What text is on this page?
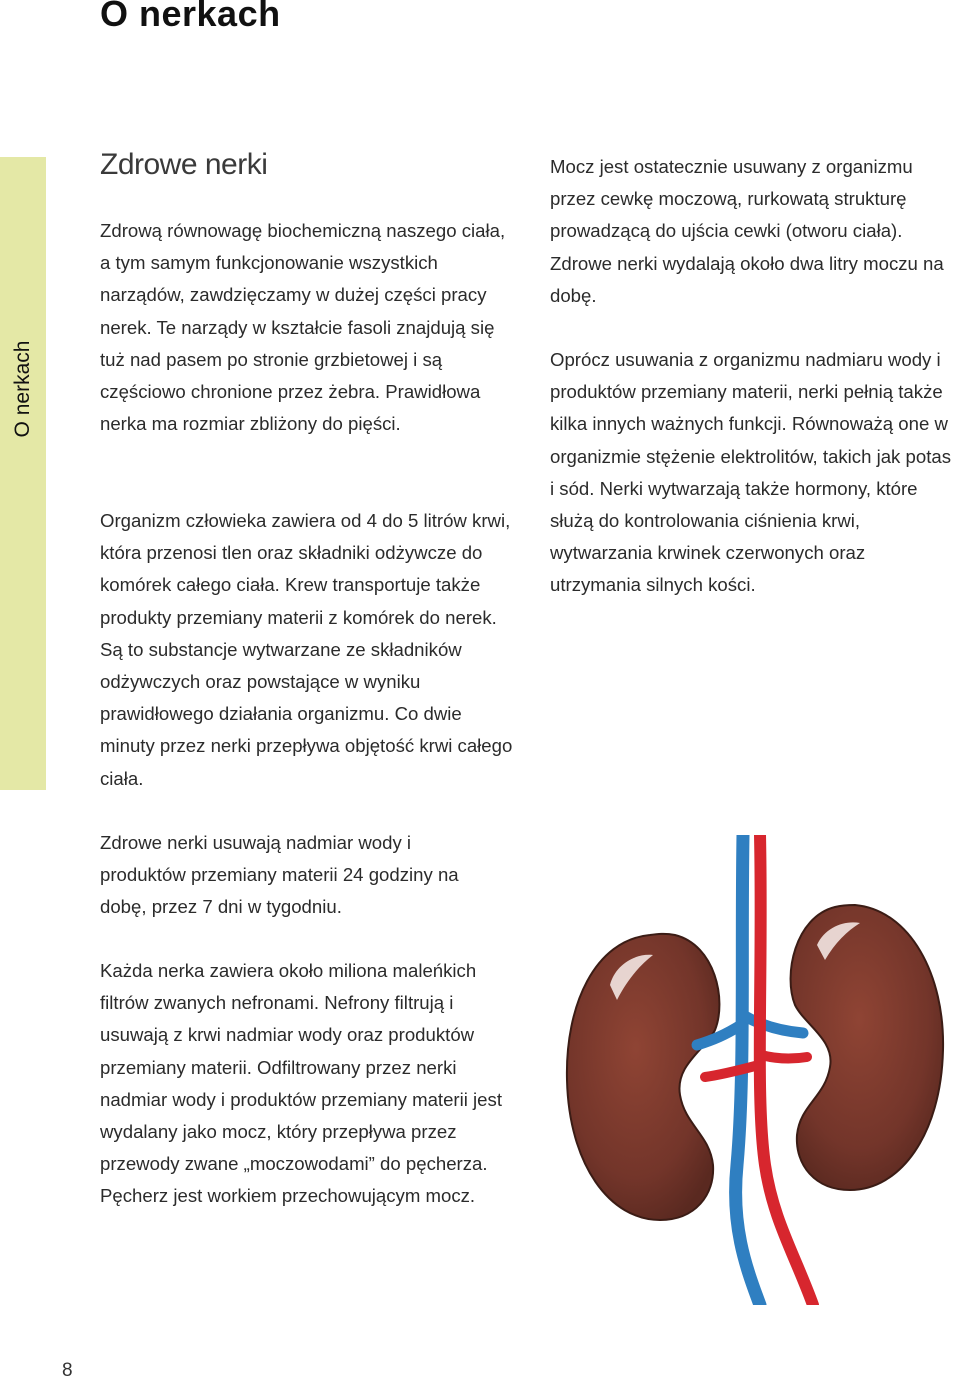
O nerkach
O nerkach
Zdrowe nerki

Zdrową równowagę biochemiczną naszego ciała, a tym samym funkcjonowanie wszystkich narządów, zawdzięczamy w dużej części pracy nerek. Te narządy w kształcie fasoli znajdują się tuż nad pasem po stronie grzbietowej i są częściowo chronione przez żebra. Prawidłowa nerka ma rozmiar zbliżony do pięści.

Organizm człowieka zawiera od 4 do 5 litrów krwi, która przenosi tlen oraz składniki odżywcze do komórek całego ciała. Krew transportuje także produkty przemiany materii z komórek do nerek. Są to substancje wytwarzane ze składników odżywczych oraz powstające w wyniku prawidłowego działania organizmu. Co dwie minuty przez nerki przepływa objętość krwi całego ciała.

Zdrowe nerki usuwają nadmiar wody i produktów przemiany materii 24 godziny na dobę, przez 7 dni w tygodniu.

Każda nerka zawiera około miliona maleńkich filtrów zwanych nefronami. Nefrony filtrują i usuwają z krwi nadmiar wody oraz produktów przemiany materii. Odfiltrowany przez nerki nadmiar wody i produktów przemiany materii jest wydalany jako mocz, który przepływa przez przewody zwane „moczowodami” do pęcherza. Pęcherz jest workiem przechowującym mocz.

Mocz jest ostatecznie usuwany z organizmu przez cewkę moczową, rurkowatą strukturę prowadzącą do ujścia cewki (otworu ciała). Zdrowe nerki wydalają około dwa litry moczu na dobę.

Oprócz usuwania z organizmu nadmiaru wody i produktów przemiany materii, nerki pełnią także kilka innych ważnych funkcji. Równoważą one w organizmie stężenie elektrolitów, takich jak potas i sód. Nerki wytwarzają także hormony, które służą do kontrolowania ciśnienia krwi, wytwarzania krwinek czerwonych oraz utrzymania silnych kości.

8
